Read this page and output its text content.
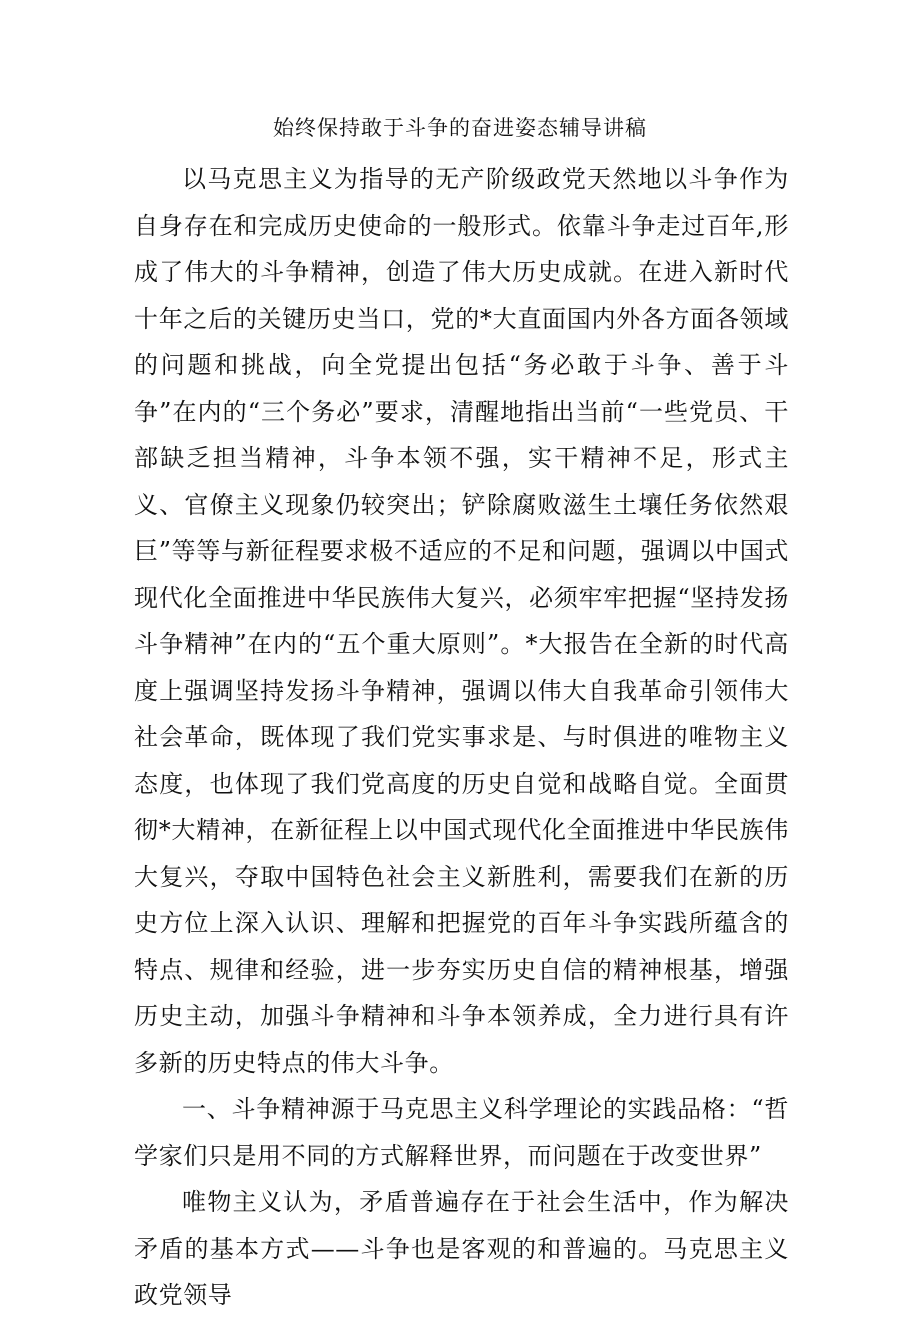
始终保持敢于斗争的奋进姿态辅导讲稿

以马克思主义为指导的无产阶级政党天然地以斗争作为自身存在和完成历史使命的一般形式。依靠斗争走过百年,形成了伟大的斗争精神，创造了伟大历史成就。在进入新时代十年之后的关键历史当口，党的*大直面国内外各方面各领域的问题和挑战，向全党提出包括“务必敢于斗争、善于斗争”在内的“三个务必”要求，清醒地指出当前“一些党员、干部缺乏担当精神，斗争本领不强，实干精神不足，形式主义、官僚主义现象仍较突出；铲除腐败滋生土壤任务依然艰巨”等等与新征程要求极不适应的不足和问题，强调以中国式现代化全面推进中华民族伟大复兴，必须牢牢把握“坚持发扬斗争精神”在内的“五个重大原则”。*大报告在全新的时代高度上强调坚持发扬斗争精神，强调以伟大自我革命引领伟大社会革命，既体现了我们党实事求是、与时俱进的唯物主义态度，也体现了我们党高度的历史自觉和战略自觉。全面贯彻*大精神，在新征程上以中国式现代化全面推进中华民族伟大复兴，夺取中国特色社会主义新胜利，需要我们在新的历史方位上深入认识、理解和把握党的百年斗争实践所蕴含的特点、规律和经验，进一步夯实历史自信的精神根基，增强历史主动，加强斗争精神和斗争本领养成，全力进行具有许多新的历史特点的伟大斗争。

一、斗争精神源于马克思主义科学理论的实践品格：“哲学家们只是用不同的方式解释世界，而问题在于改变世界”

唯物主义认为，矛盾普遍存在于社会生活中，作为解决矛盾的基本方式——斗争也是客观的和普遍的。马克思主义政党领导
